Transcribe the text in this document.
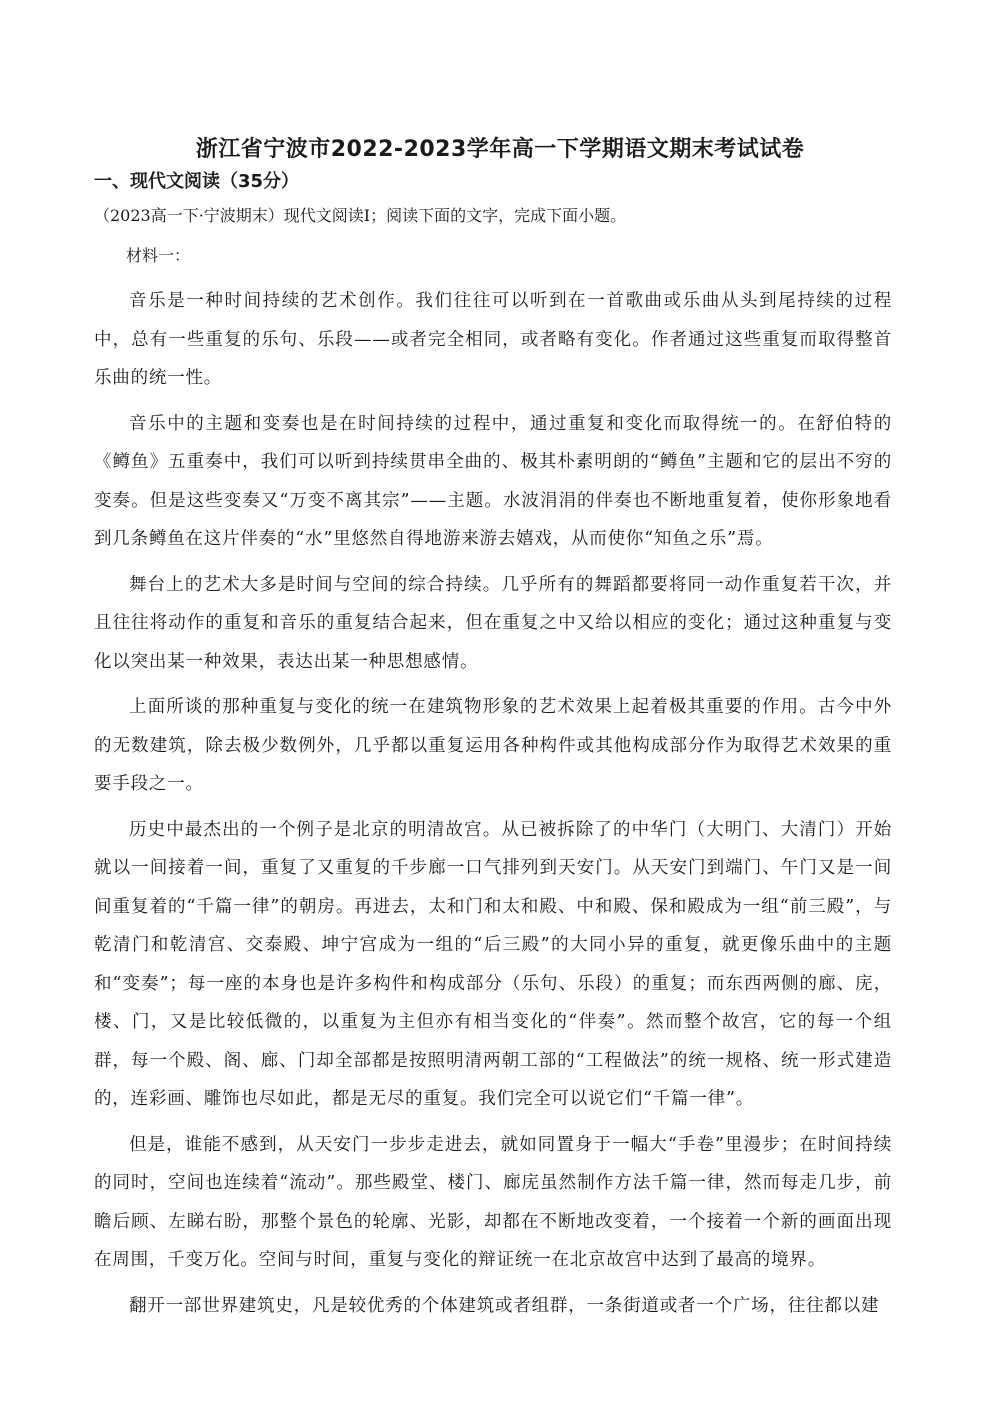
浙江省宁波市2022-2023学年高一下学期语文期末考试试卷
一、现代文阅读（35分）
（2023高一下·宁波期末）现代文阅读Ⅰ；阅读下面的文字，完成下面小题。
材料一：

音乐是一种时间持续的艺术创作。我们往往可以听到在一首歌曲或乐曲从头到尾持续的过程中，总有一些重复的乐句、乐段——或者完全相同，或者略有变化。作者通过这些重复而取得整首乐曲的统一性。

音乐中的主题和变奏也是在时间持续的过程中，通过重复和变化而取得统一的。在舒伯特的《鳟鱼》五重奏中，我们可以听到持续贯串全曲的、极其朴素明朗的“鳟鱼”主题和它的层出不穷的变奏。但是这些变奏又“万变不离其宗”——主题。水波涓涓的伴奏也不断地重复着，使你形象地看到几条鳟鱼在这片伴奏的“水”里悠然自得地游来游去嬉戏，从而使你“知鱼之乐”焉。

舞台上的艺术大多是时间与空间的综合持续。几乎所有的舞蹈都要将同一动作重复若干次，并且往往将动作的重复和音乐的重复结合起来，但在重复之中又给以相应的变化；通过这种重复与变化以突出某一种效果，表达出某一种思想感情。

上面所谈的那种重复与变化的统一在建筑物形象的艺术效果上起着极其重要的作用。古今中外的无数建筑，除去极少数例外，几乎都以重复运用各种构件或其他构成部分作为取得艺术效果的重要手段之一。

历史中最杰出的一个例子是北京的明清故宫。从已被拆除了的中华门（大明门、大清门）开始就以一间接着一间，重复了又重复的千步廊一口气排列到天安门。从天安门到端门、午门又是一间间重复着的“千篇一律”的朝房。再进去，太和门和太和殿、中和殿、保和殿成为一组“前三殿”，与乾清门和乾清宫、交泰殿、坤宁宫成为一组的“后三殿”的大同小异的重复，就更像乐曲中的主题和“变奏”；每一座的本身也是许多构件和构成部分（乐句、乐段）的重复；而东西两侧的廊、庑，楼、门，又是比较低微的，以重复为主但亦有相当变化的“伴奏”。然而整个故宫，它的每一个组群，每一个殿、阁、廊、门却全部都是按照明清两朝工部的“工程做法”的统一规格、统一形式建造的，连彩画、雕饰也尽如此，都是无尽的重复。我们完全可以说它们“千篇一律”。

但是，谁能不感到，从天安门一步步走进去，就如同置身于一幅大“手卷”里漫步；在时间持续的同时，空间也连续着“流动”。那些殿堂、楼门、廊庑虽然制作方法千篇一律，然而每走几步，前瞻后顾、左睇右盼，那整个景色的轮廓、光影，却都在不断地改变着，一个接着一个新的画面出现在周围，千变万化。空间与时间，重复与变化的辩证统一在北京故宫中达到了最高的境界。

翻开一部世界建筑史，凡是较优秀的个体建筑或者组群，一条街道或者一个广场，往往都以建
